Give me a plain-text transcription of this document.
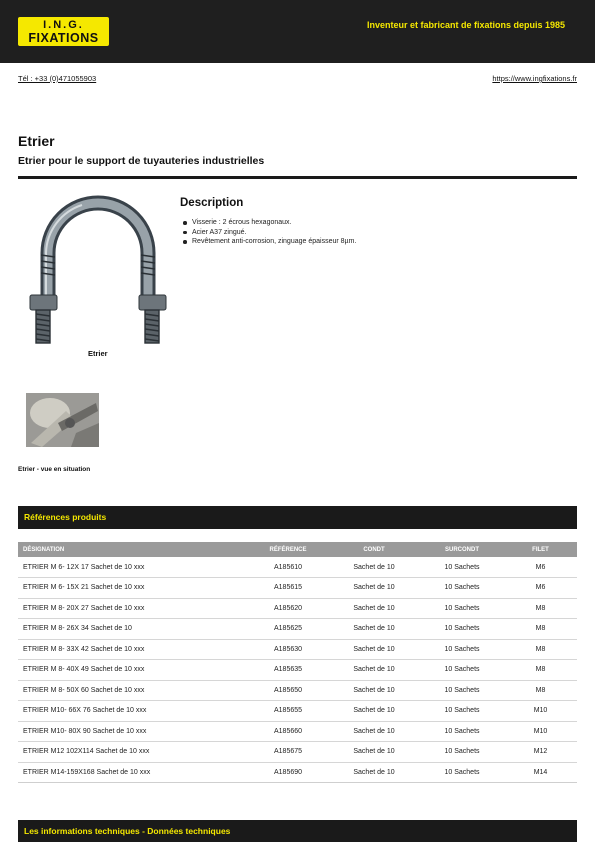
I.N.G.
FIXATIONS
Inventeur et fabricant de fixations depuis 1985
Tél : +33 (0)471055903	https://www.ingfixations.fr
Etrier
Etrier pour le support de tuyauteries industrielles
Etrier
Etrier - vue en situation
Description
Visserie : 2 écrous hexagonaux.
Acier A37 zingué.
Revêtement anti-corrosion, zinguage épaisseur 8µm.
Références produits
DÉSIGNATION	RÉFÉRENCE	CONDT	SURCONDT	FILET
ETRIER M 6- 12X 17 Sachet de 10 xxx	A185610	Sachet de 10	10 Sachets	M6
ETRIER M 6- 15X 21 Sachet de 10 xxx	A185615	Sachet de 10	10 Sachets	M6
ETRIER M 8- 20X 27 Sachet de 10 xxx	A185620	Sachet de 10	10 Sachets	M8
ETRIER M 8- 26X 34 Sachet de 10	A185625	Sachet de 10	10 Sachets	M8
ETRIER M 8- 33X 42 Sachet de 10 xxx	A185630	Sachet de 10	10 Sachets	M8
ETRIER M 8- 40X 49 Sachet de 10 xxx	A185635	Sachet de 10	10 Sachets	M8
ETRIER M 8- 50X 60 Sachet de 10 xxx	A185650	Sachet de 10	10 Sachets	M8
ETRIER M10- 66X 76 Sachet de 10 xxx	A185655	Sachet de 10	10 Sachets	M10
ETRIER M10- 80X 90 Sachet de 10 xxx	A185660	Sachet de 10	10 Sachets	M10
ETRIER M12 102X114 Sachet de 10 xxx	A185675	Sachet de 10	10 Sachets	M12
ETRIER M14-159X168 Sachet de 10 xxx	A185690	Sachet de 10	10 Sachets	M14
Les informations techniques - Données techniques
